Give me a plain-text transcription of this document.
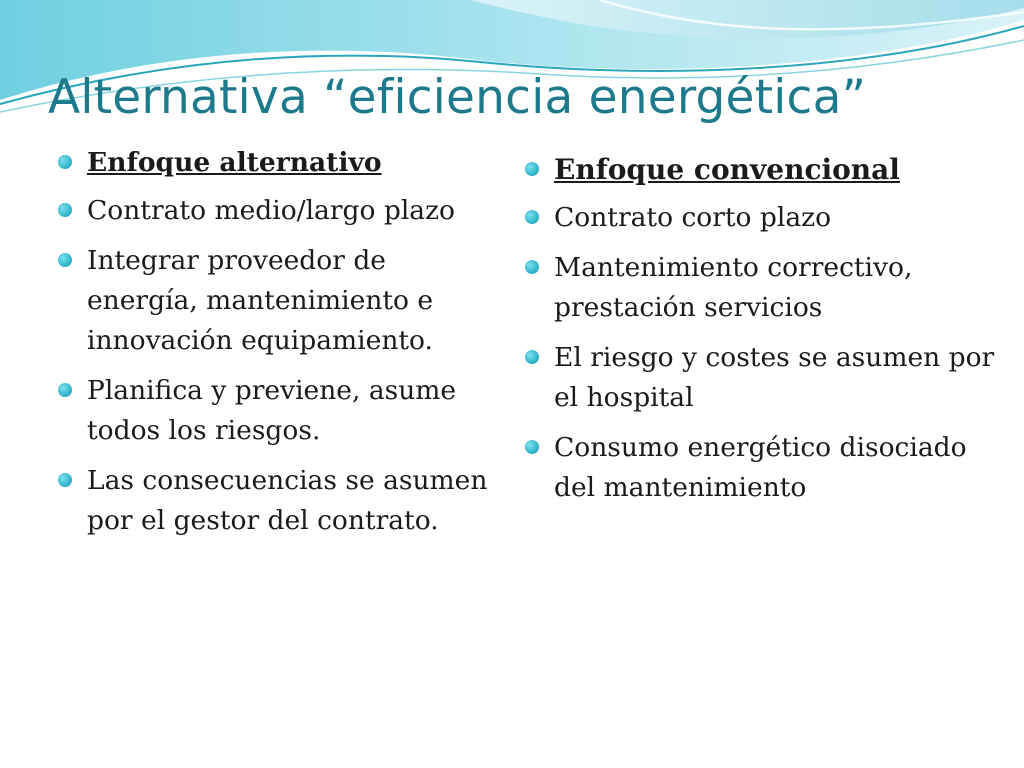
Alternativa “eficiencia energética”
Enfoque alternativo
Contrato medio/largo plazo
Integrar proveedor de energía, mantenimiento e innovación equipamiento.
Planifica y previene, asume todos los riesgos.
Las consecuencias se asumen por el gestor del contrato.
Enfoque convencional
Contrato corto plazo
Mantenimiento correctivo, prestación servicios
El riesgo y costes se asumen por el hospital
Consumo energético disociado del mantenimiento
